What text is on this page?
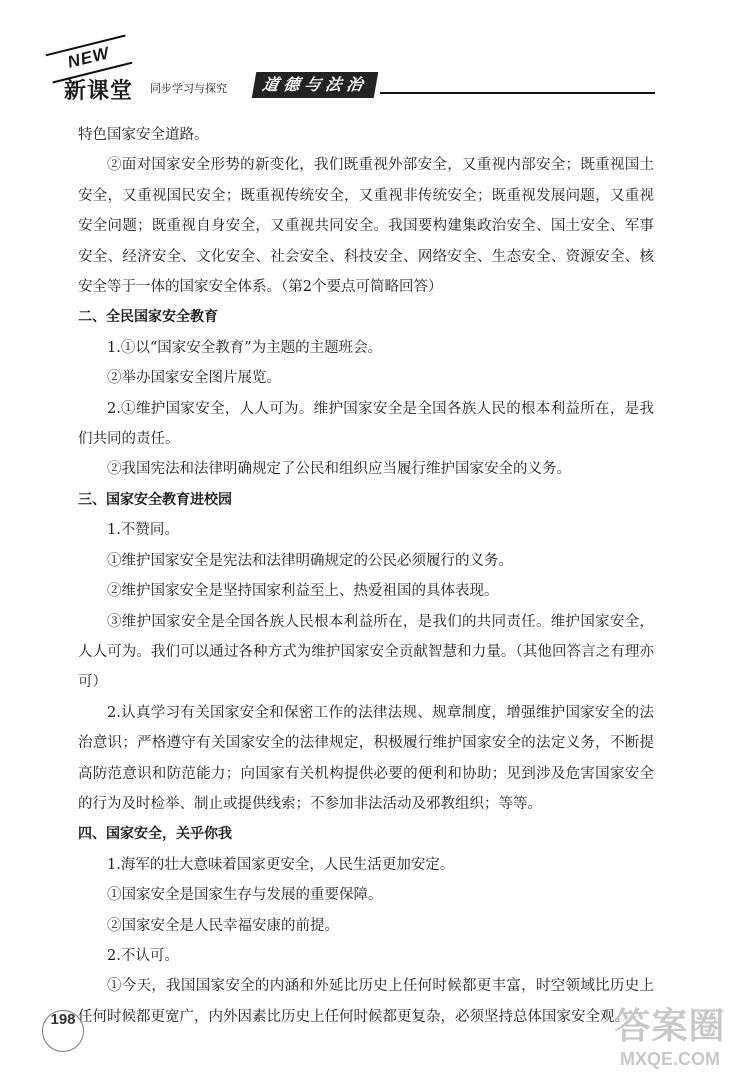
NEW
新课堂 同步学习与探究	道德与法治

特色国家安全道路。

②面对国家安全形势的新变化，我们既重视外部安全，又重视内部安全；既重视国土安全，又重视国民安全；既重视传统安全，又重视非传统安全；既重视发展问题，又重视安全问题；既重视自身安全，又重视共同安全。我国要构建集政治安全、国土安全、军事安全、经济安全、文化安全、社会安全、科技安全、网络安全、生态安全、资源安全、核安全等于一体的国家安全体系。（第2个要点可简略回答）

二、全民国家安全教育

1.①以“国家安全教育”为主题的主题班会。

②举办国家安全图片展览。

2.①维护国家安全，人人可为。维护国家安全是全国各族人民的根本利益所在，是我们共同的责任。

②我国宪法和法律明确规定了公民和组织应当履行维护国家安全的义务。

三、国家安全教育进校园

1.不赞同。

①维护国家安全是宪法和法律明确规定的公民必须履行的义务。

②维护国家安全是坚持国家利益至上、热爱祖国的具体表现。

③维护国家安全是全国各族人民根本利益所在，是我们的共同责任。维护国家安全，人人可为。我们可以通过各种方式为维护国家安全贡献智慧和力量。（其他回答言之有理亦可）

2.认真学习有关国家安全和保密工作的法律法规、规章制度，增强维护国家安全的法治意识；严格遵守有关国家安全的法律规定，积极履行维护国家安全的法定义务，不断提高防范意识和防范能力；向国家有关机构提供必要的便利和协助；见到涉及危害国家安全的行为及时检举、制止或提供线索；不参加非法活动及邪教组织；等等。

四、国家安全，关乎你我

1.海军的壮大意味着国家更安全，人民生活更加安定。

①国家安全是国家生存与发展的重要保障。

②国家安全是人民幸福安康的前提。

2.不认可。

①今天，我国国家安全的内涵和外延比历史上任何时候都更丰富，时空领域比历史上任何时候都更宽广，内外因素比历史上任何时候都更复杂，必须坚持总体国家安全观。

198	答案圈
MXQE.COM
